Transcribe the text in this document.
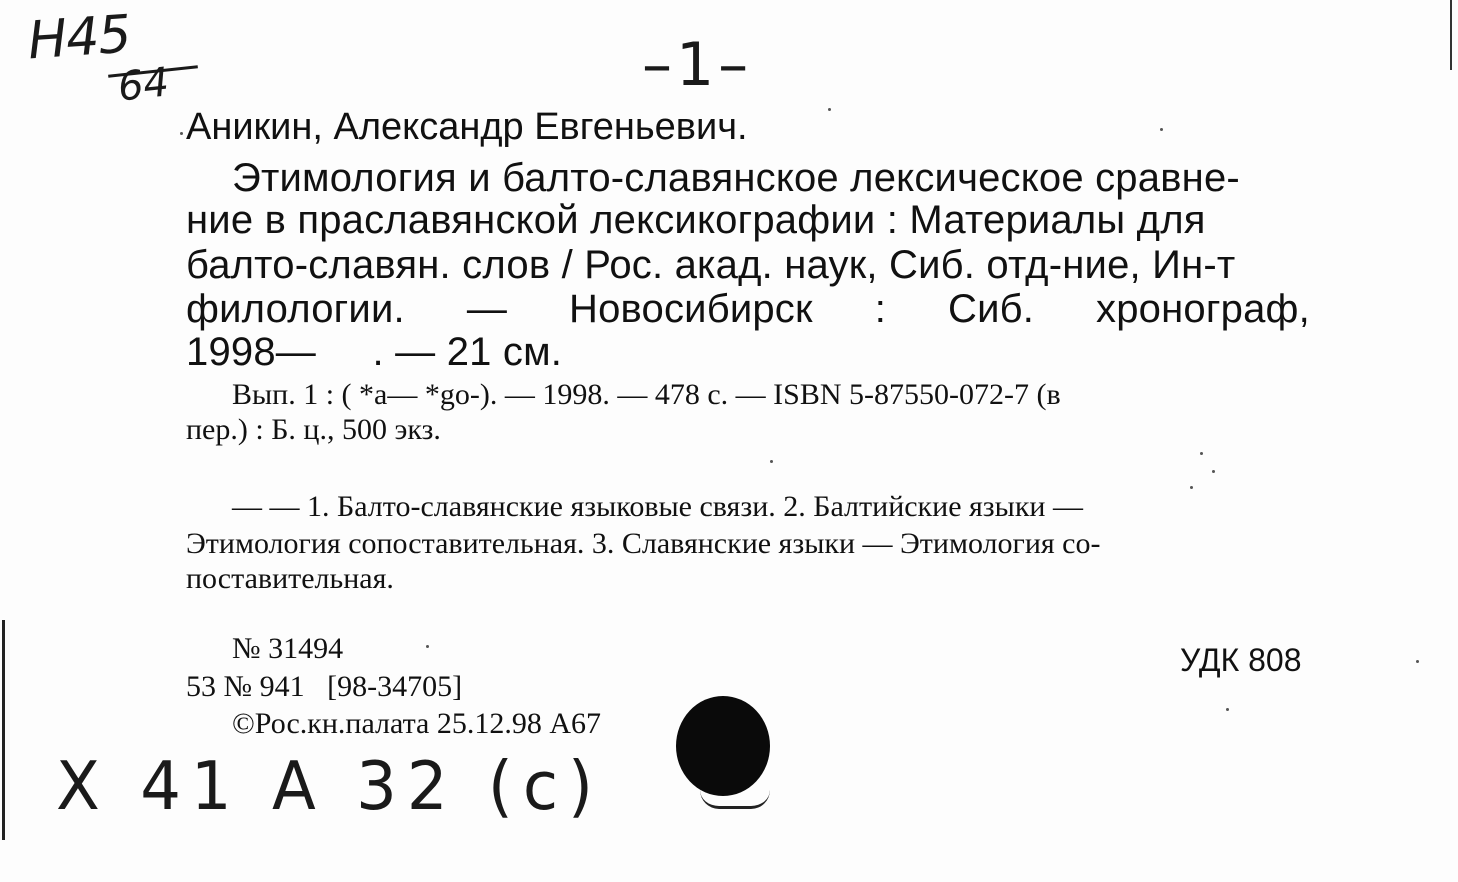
Н45
64	–1–
Аникин, Александр Евгеньевич.
Этимология и балто-славянское лексическое сравне-
ние в праславянской лексикографии : Материалы для
балто-славян. слов / Рос. акад. наук, Сиб. отд-ние, Ин-т
филологии. — Новосибирск : Сиб. хронограф,
1998—     . — 21 см.
Вып. 1 : ( *а— *go-). — 1998. — 478 с. — ISBN 5-87550-072-7 (в
пер.) : Б. ц., 500 экз.
— — 1. Балто-славянские языковые связи. 2. Балтийские языки —
Этимология сопоставительная. 3. Славянские языки — Этимология со-
поставительная.
№ 31494
53 № 941   [98-34705]
©Рос.кн.палата 25.12.98 А67
УДК 808
Х 41 А 32 (с)
